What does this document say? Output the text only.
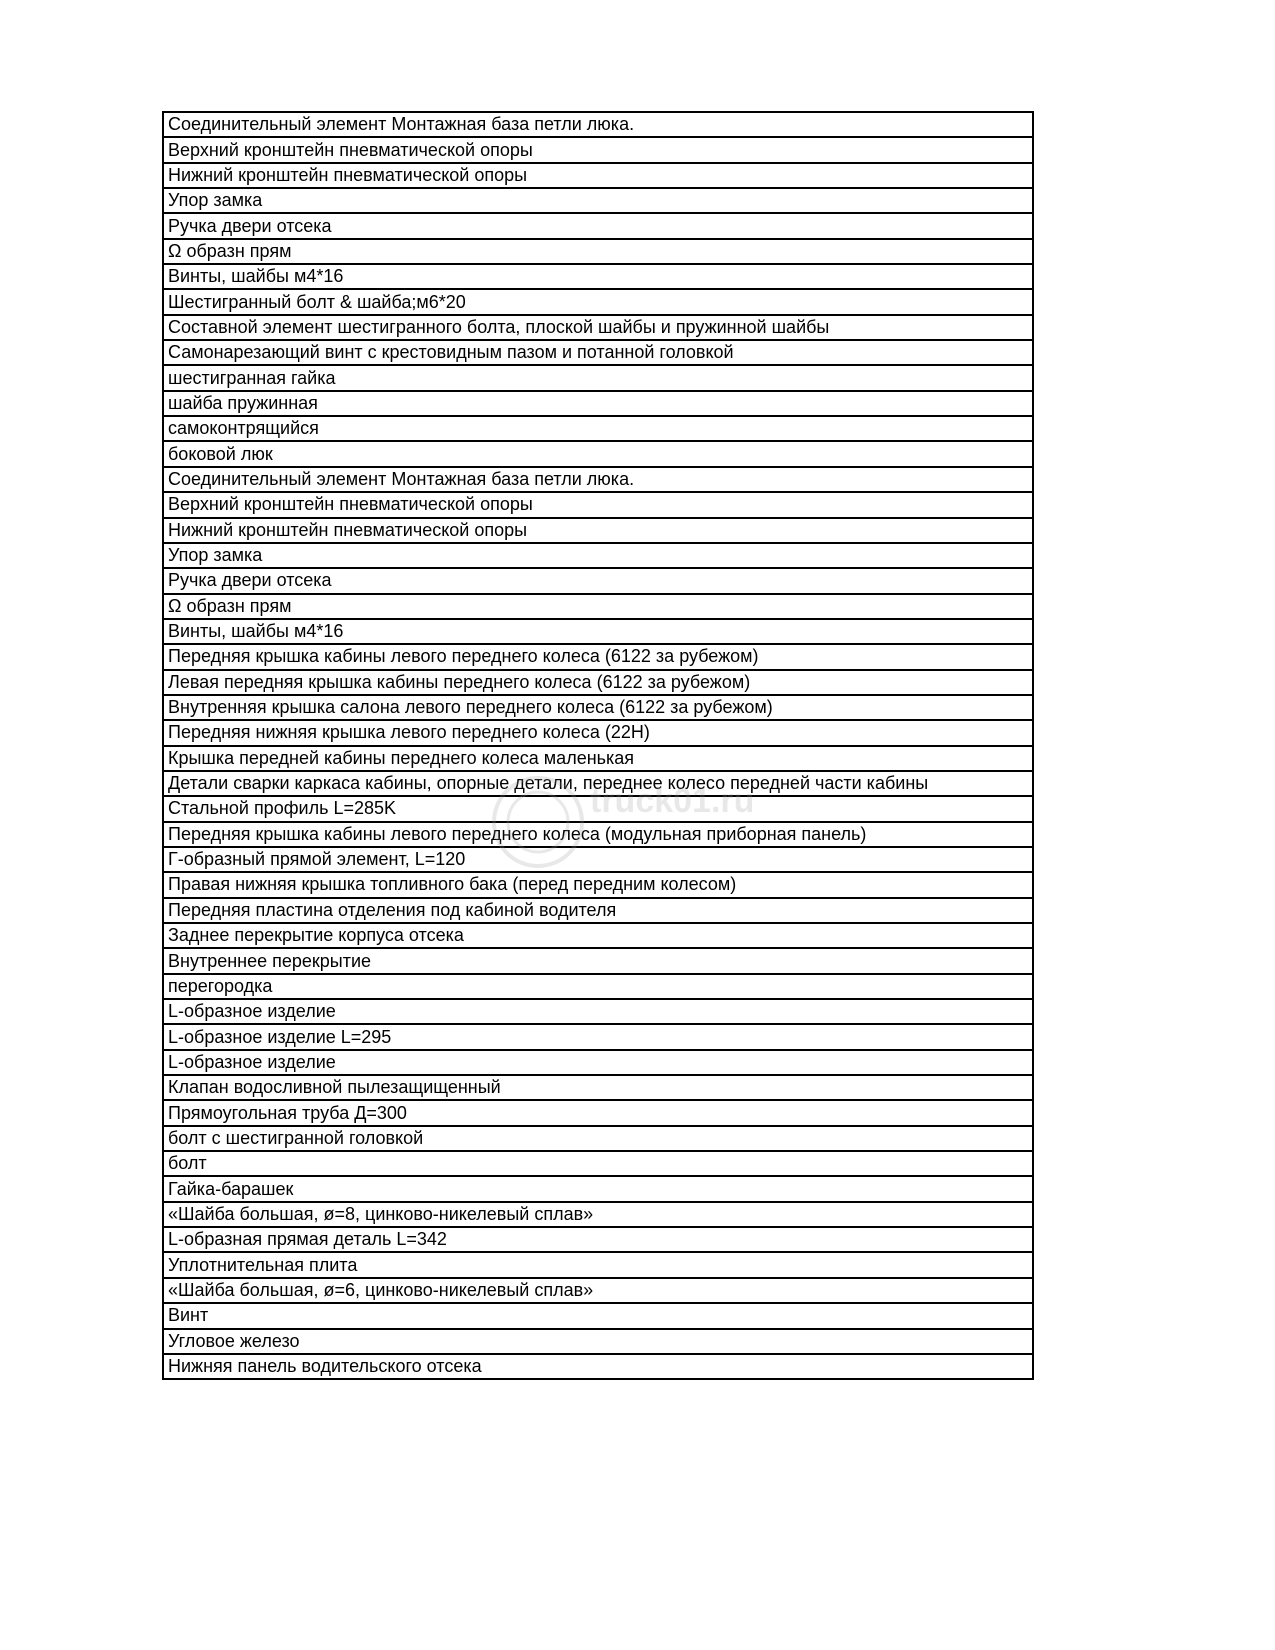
Соединительный элемент Монтажная база петли люка.
Верхний кронштейн пневматической опоры
Нижний кронштейн пневматической опоры
Упор замка
Ручка двери отсека
Ω образн прям
Винты, шайбы м4*16
Шестигранный болт & шайба;м6*20
Составной элемент шестигранного болта, плоской шайбы и пружинной шайбы
Самонарезающий винт с крестовидным пазом и потанной головкой
шестигранная гайка
шайба пружинная
самоконтрящийся
боковой люк
Соединительный элемент Монтажная база петли люка.
Верхний кронштейн пневматической опоры
Нижний кронштейн пневматической опоры
Упор замка
Ручка двери отсека
Ω образн прям
Винты, шайбы м4*16
Передняя крышка кабины левого переднего колеса (6122 за рубежом)
Левая передняя крышка кабины переднего колеса (6122 за рубежом)
Внутренняя крышка салона левого переднего колеса (6122 за рубежом)
Передняя нижняя крышка левого переднего колеса (22H)
Крышка передней кабины переднего колеса маленькая
Детали сварки каркаса кабины, опорные детали, переднее колесо передней части кабины
Стальной профиль L=285K
Передняя крышка кабины левого переднего колеса (модульная приборная панель)
Г-образный прямой элемент, L=120
Правая нижняя крышка топливного бака (перед передним колесом)
Передняя пластина отделения под кабиной водителя
Заднее перекрытие корпуса отсека
Внутреннее перекрытие
перегородка
L-образное изделие
L-образное изделие L=295
L-образное изделие
Клапан водосливной пылезащищенный
Прямоугольная труба Д=300
болт с шестигранной головкой
болт
Гайка-барашек
«Шайба большая, ø=8, цинково-никелевый сплав»
L-образная прямая деталь L=342
Уплотнительная плита
«Шайба большая, ø=6, цинково-никелевый сплав»
Винт
Угловое железо
Нижняя панель водительского отсека
truck01.ru
